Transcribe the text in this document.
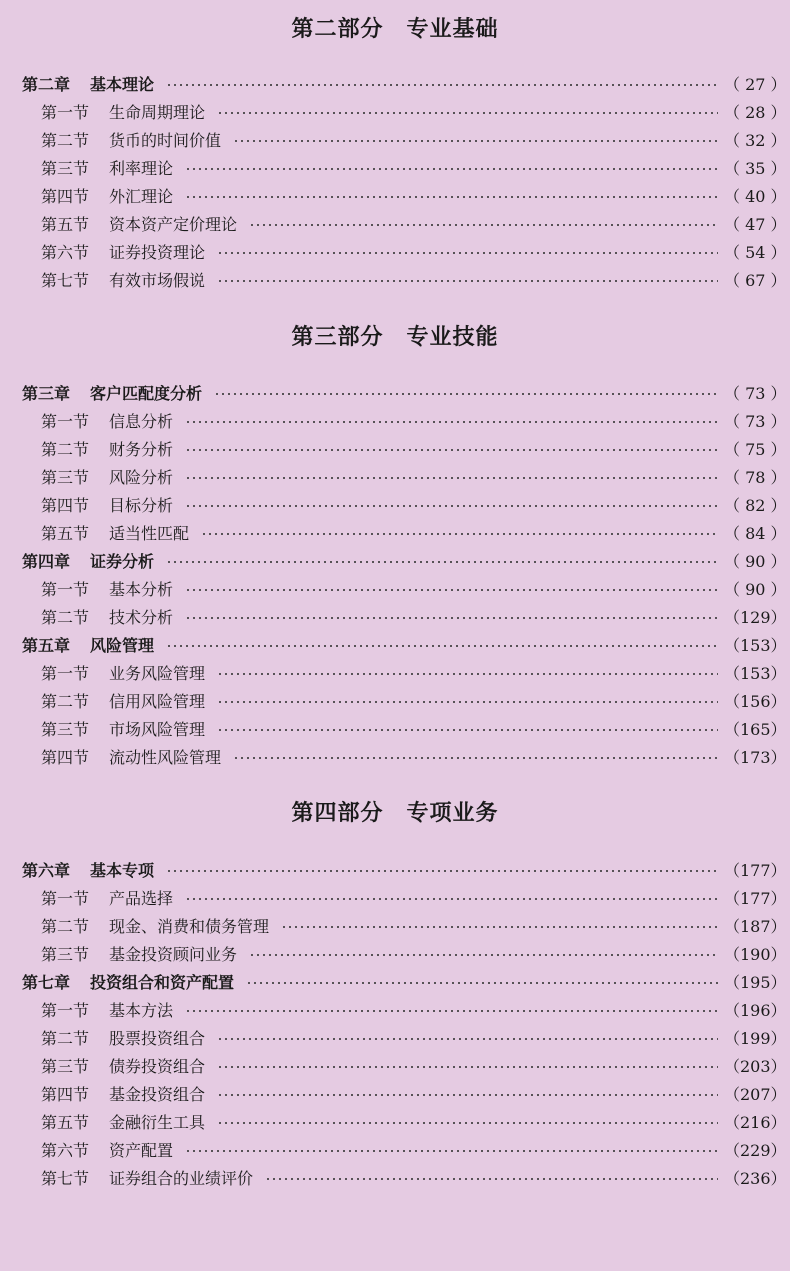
第二部分　专业基础
第二章 基本理论	（ 27 ）
第一节 生命周期理论	（ 28 ）
第二节 货币的时间价值	（ 32 ）
第三节 利率理论	（ 35 ）
第四节 外汇理论	（ 40 ）
第五节 资本资产定价理论	（ 47 ）
第六节 证券投资理论	（ 54 ）
第七节 有效市场假说	（ 67 ）
第三部分　专业技能
第三章 客户匹配度分析	（ 73 ）
第一节 信息分析	（ 73 ）
第二节 财务分析	（ 75 ）
第三节 风险分析	（ 78 ）
第四节 目标分析	（ 82 ）
第五节 适当性匹配	（ 84 ）
第四章 证券分析	（ 90 ）
第一节 基本分析	（ 90 ）
第二节 技术分析	（129）
第五章 风险管理	（153）
第一节 业务风险管理	（153）
第二节 信用风险管理	（156）
第三节 市场风险管理	（165）
第四节 流动性风险管理	（173）
第四部分　专项业务
第六章 基本专项	（177）
第一节 产品选择	（177）
第二节 现金、消费和债务管理	（187）
第三节 基金投资顾问业务	（190）
第七章 投资组合和资产配置	（195）
第一节 基本方法	（196）
第二节 股票投资组合	（199）
第三节 债券投资组合	（203）
第四节 基金投资组合	（207）
第五节 金融衍生工具	（216）
第六节 资产配置	（229）
第七节 证券组合的业绩评价	（236）
